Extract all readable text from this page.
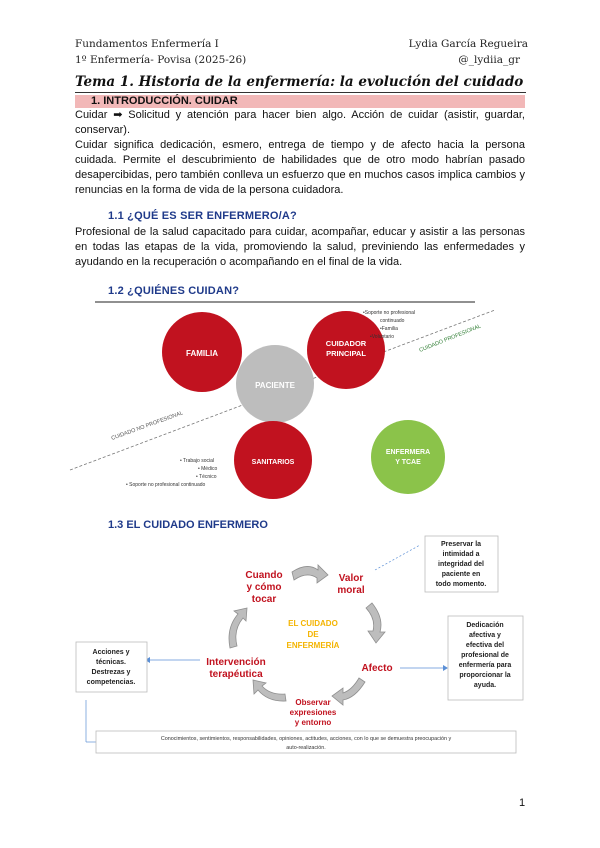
Fundamentos Enfermería I	Lydia García Regueira
1º Enfermería- Povisa (2025-26)	@_lydiia_gr
Tema 1. Historia de la enfermería: la evolución del cuidado
1. INTRODUCCIÓN. CUIDAR
Cuidar ➡ Solicitud y atención para hacer bien algo. Acción de cuidar (asistir, guardar,
conservar).
Cuidar significa dedicación, esmero, entrega de tiempo y de afecto hacia la persona
cuidada. Permite el descubrimiento de habilidades que de otro modo habrían pasado
desapercibidas, pero también conlleva un esfuerzo que en muchos casos implica cambios y
renuncias en la forma de vida de la persona cuidadora.
1.1 ¿QUÉ ES SER ENFERMERO/A?
Profesional de la salud capacitado para cuidar, acompañar, educar y asistir a las personas
en todas las etapas de la vida, promoviendo la salud, previniendo las enfermedades y
ayudando en la recuperación o acompañando en el final de la vida.
1.2 ¿QUIÉNES CUIDAN?
CUIDADO NO PROFESIONAL
CUIDADO PROFESIONAL
FAMILIA
CUIDADOR
PRINCIPAL
PACIENTE
SANITARIOS
ENFERMERA
Y TCAE
•Soporte no profesional
continuado
•Familia
•Voluntario
• Trabajo social
• Médico
• Técnico
• Soporte no profesional continuado
1.3 EL CUIDADO ENFERMERO
EL CUIDADO
DE
ENFERMERÍA
Cuando
y cómo
tocar
Valor
moral
Afecto
Observar
expresiones
y entorno
Intervención
terapéutica
Preservar la
intimidad a
integridad del
paciente en
todo momento.
Dedicación
afectiva y
efectiva del
profesional de
enfermería para
proporcionar la
ayuda.
Acciones y
técnicas.
Destrezas y
competencias.
Conocimientos, sentimientos, responsabilidades, opiniones, actitudes, acciones, con lo que se demuestra preocupación y
auto-realización.
1
